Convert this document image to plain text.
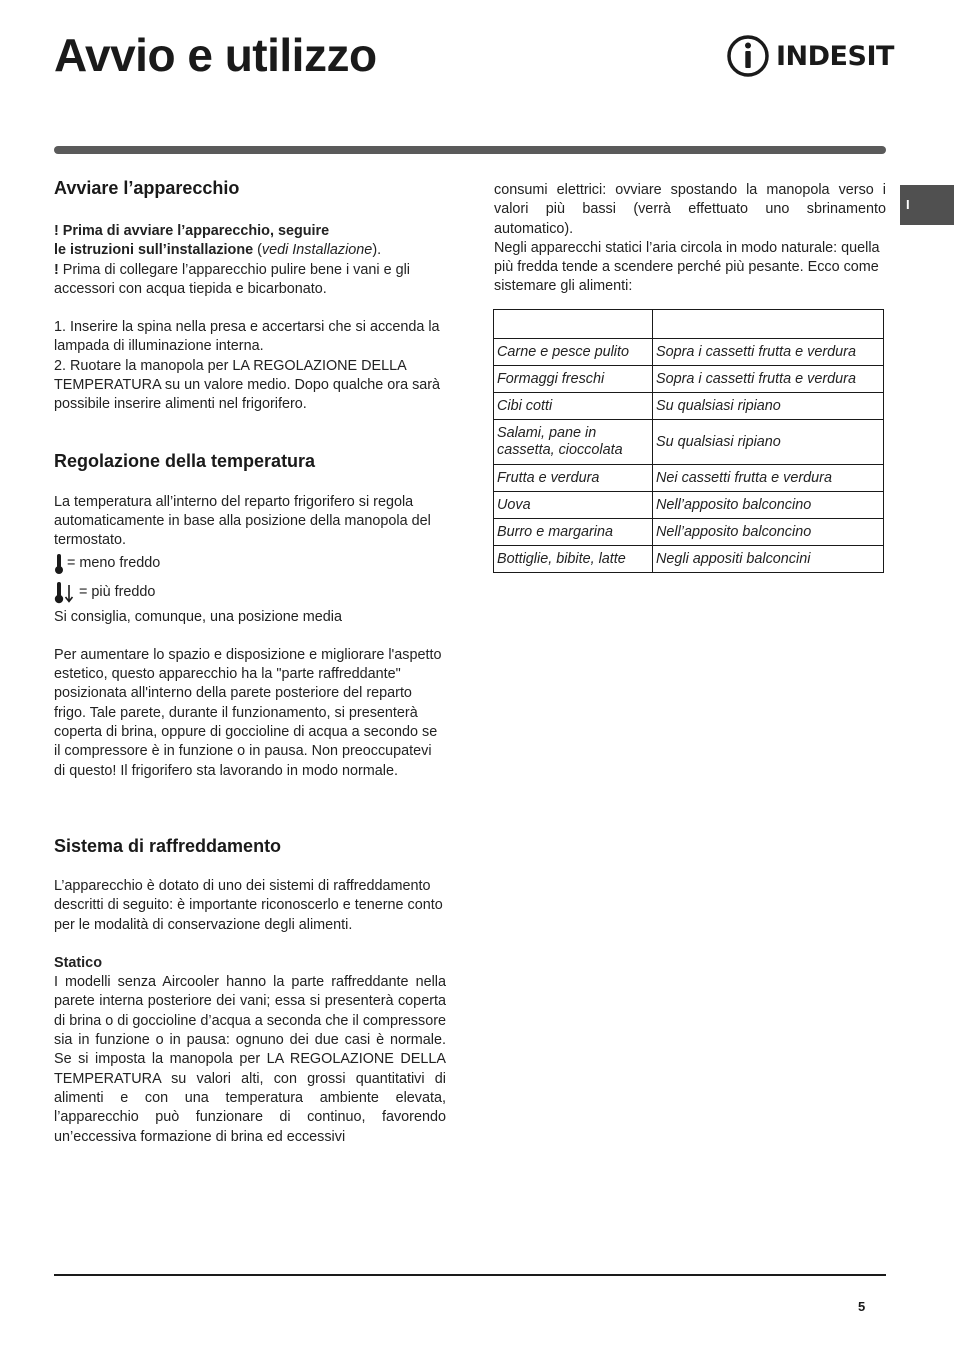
Avvio e utilizzo	INDESIT
I
Avviare l’apparecchio

! Prima di avviare l’apparecchio, seguire
le istruzioni sull’installazione (vedi Installazione).

! Prima di collegare l’apparecchio pulire bene i vani e gli accessori con acqua tiepida e bicarbonato.

1. Inserire la spina nella presa e accertarsi che si accenda la lampada di illuminazione interna.

2. Ruotare la manopola per LA REGOLAZIONE DELLA TEMPERATURA su un valore medio. Dopo qualche ora sarà possibile inserire alimenti nel frigorifero.

Regolazione della temperatura

La temperatura all’interno del reparto frigorifero si regola automaticamente in base alla posizione della manopola del termostato.

= meno freddo
= più freddo

Si consiglia, comunque, una posizione media

Per aumentare lo spazio e disposizione e migliorare l'aspetto estetico, questo apparecchio ha la "parte raffreddante" posizionata all'interno della parete posteriore del reparto frigo. Tale parete, durante il funzionamento, si presenterà coperta di brina, oppure di goccioline di acqua a secondo se il compressore è in funzione o in pausa. Non preoccupatevi di questo! Il frigorifero sta lavorando in modo normale.

Sistema di raffreddamento

L’apparecchio è dotato di uno dei sistemi di raffreddamento descritti di seguito: è importante riconoscerlo e tenerne conto per le modalità di conservazione degli alimenti.

Statico

I modelli senza Aircooler hanno la parte raffreddante nella parete interna posteriore dei vani; essa si presenterà coperta di brina o di goccioline d’acqua a seconda che il compressore sia in funzione o in pausa: ognuno dei due casi è normale. Se si imposta la manopola per LA REGOLAZIONE DELLA TEMPERATURA su valori alti, con grossi quantitativi di alimenti e con una temperatura ambiente elevata, l’apparecchio può funzionare di continuo, favorendo un’eccessiva formazione di brina ed eccessivi

consumi elettrici: ovviare spostando la manopola verso i valori più bassi (verrà effettuato uno sbrinamento automatico).

Negli apparecchi statici l’aria circola in modo naturale: quella più fredda tende a scendere perché più pesante. Ecco come sistemare gli alimenti:

Carne e pesce pulito	Sopra i cassetti frutta e verdura
Formaggi freschi	Sopra i cassetti frutta e verdura
Cibi cotti	Su qualsiasi ripiano
Salami, pane in cassetta, cioccolata	Su qualsiasi ripiano
Frutta e verdura	Nei cassetti frutta e verdura
Uova	Nell’apposito balconcino
Burro e margarina	Nell’apposito balconcino
Bottiglie, bibite, latte	Negli appositi balconcini
5
